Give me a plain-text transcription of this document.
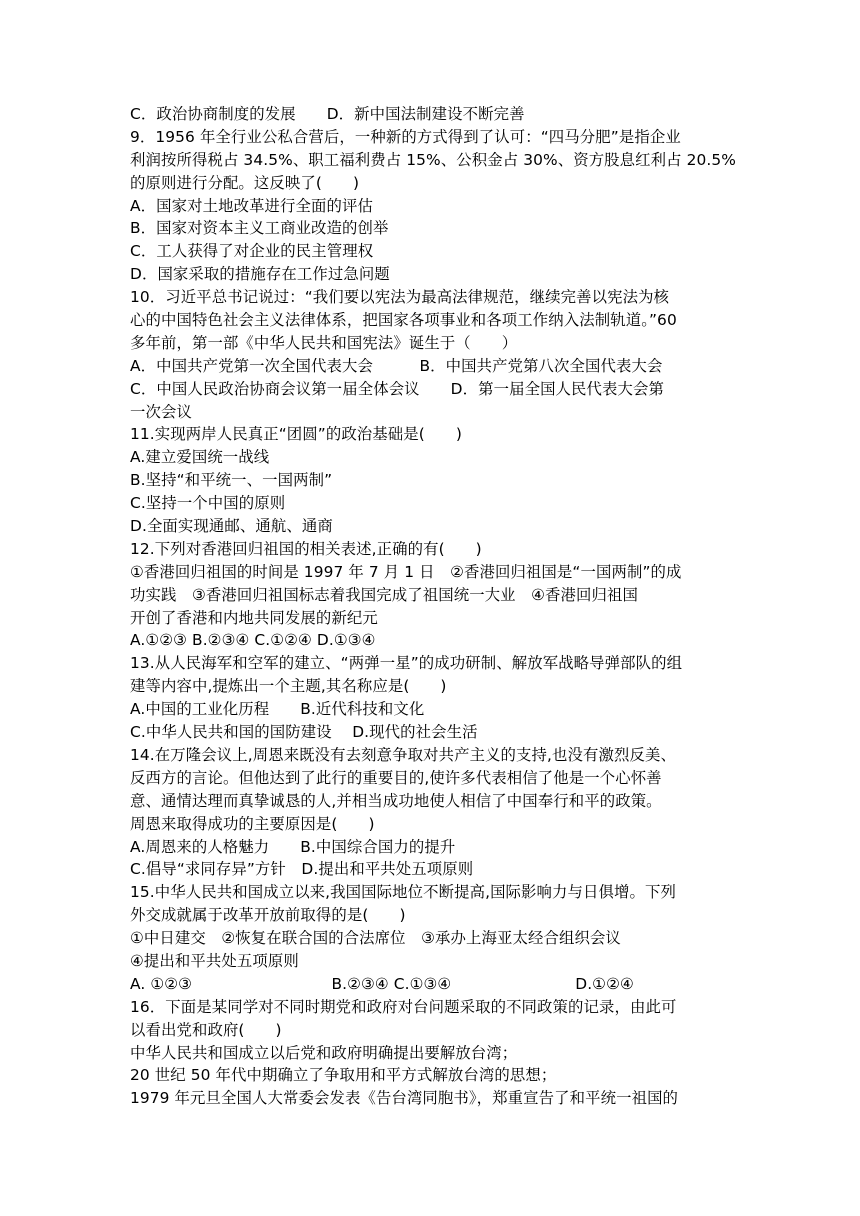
C．政治协商制度的发展　　D．新中国法制建设不断完善
9．1956 年全行业公私合营后，一种新的方式得到了认可：“四马分肥”是指企业
利润按所得税占 34.5%、职工福利费占 15%、公积金占 30%、资方股息红利占 20.5%
的原则进行分配。这反映了(　　)
A．国家对土地改革进行全面的评估
B．国家对资本主义工商业改造的创举
C．工人获得了对企业的民主管理权
D．国家采取的措施存在工作过急问题
10．习近平总书记说过：“我们要以宪法为最高法律规范，继续完善以宪法为核
心的中国特色社会主义法律体系，把国家各项事业和各项工作纳入法制轨道。”60
多年前，第一部《中华人民共和国宪法》诞生于（　　）
A．中国共产党第一次全国代表大会　　　B．中国共产党第八次全国代表大会
C．中国人民政治协商会议第一届全体会议　　D．第一届全国人民代表大会第
一次会议
11.实现两岸人民真正“团圆”的政治基础是(　　)
A.建立爱国统一战线
B.坚持“和平统一、一国两制”
C.坚持一个中国的原则
D.全面实现通邮、通航、通商
12.下列对香港回归祖国的相关表述,正确的有(　　)
①香港回归祖国的时间是 1997 年 7 月 1 日　②香港回归祖国是“一国两制”的成
功实践　③香港回归祖国标志着我国完成了祖国统一大业　④香港回归祖国
开创了香港和内地共同发展的新纪元
A.①②③ B.②③④ C.①②④ D.①③④
13.从人民海军和空军的建立、“两弹一星”的成功研制、解放军战略导弹部队的组
建等内容中,提炼出一个主题,其名称应是(　　)
A.中国的工业化历程　　B.近代科技和文化
C.中华人民共和国的国防建设　 D.现代的社会生活
14.在万隆会议上,周恩来既没有去刻意争取对共产主义的支持,也没有激烈反美、
反西方的言论。但他达到了此行的重要目的,使许多代表相信了他是一个心怀善
意、通情达理而真挚诚恳的人,并相当成功地使人相信了中国奉行和平的政策。
周恩来取得成功的主要原因是(　　)
A.周恩来的人格魅力　　B.中国综合国力的提升
C.倡导“求同存异”方针　D.提出和平共处五项原则
15.中华人民共和国成立以来,我国国际地位不断提高,国际影响力与日俱增。下列
外交成就属于改革开放前取得的是(　　)
①中日建交　②恢复在联合国的合法席位　③承办上海亚太经合组织会议
④提出和平共处五项原则
A. ①②③　　　　　　　　　B.②③④ C.①③④　　　　　　　　D.①②④
16．下面是某同学对不同时期党和政府对台问题采取的不同政策的记录，由此可
以看出党和政府(　　)
中华人民共和国成立以后党和政府明确提出要解放台湾；
20 世纪 50 年代中期确立了争取用和平方式解放台湾的思想；
1979 年元旦全国人大常委会发表《告台湾同胞书》，郑重宣告了和平统一祖国的
